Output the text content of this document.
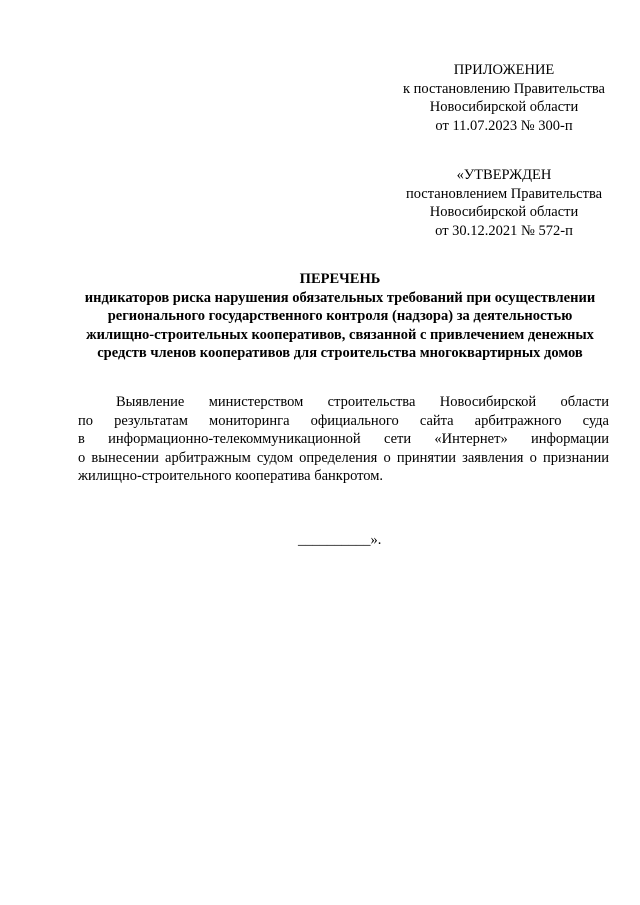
ПРИЛОЖЕНИЕ
к постановлению Правительства
Новосибирской области
от 11.07.2023 № 300-п
«УТВЕРЖДЕН
постановлением Правительства
Новосибирской области
от 30.12.2021 № 572-п
ПЕРЕЧЕНЬ
индикаторов риска нарушения обязательных требований при осуществлении
регионального государственного контроля (надзора) за деятельностью
жилищно-строительных кооперативов, связанной с привлечением денежных
средств членов кооперативов для строительства многоквартирных домов
Выявление министерством строительства Новосибирской области
по результатам мониторинга официального сайта арбитражного суда
в информационно-телекоммуникационной сети «Интернет» информации
о вынесении арбитражным судом определения о принятии заявления о признании
жилищно-строительного кооператива банкротом.
__________».
